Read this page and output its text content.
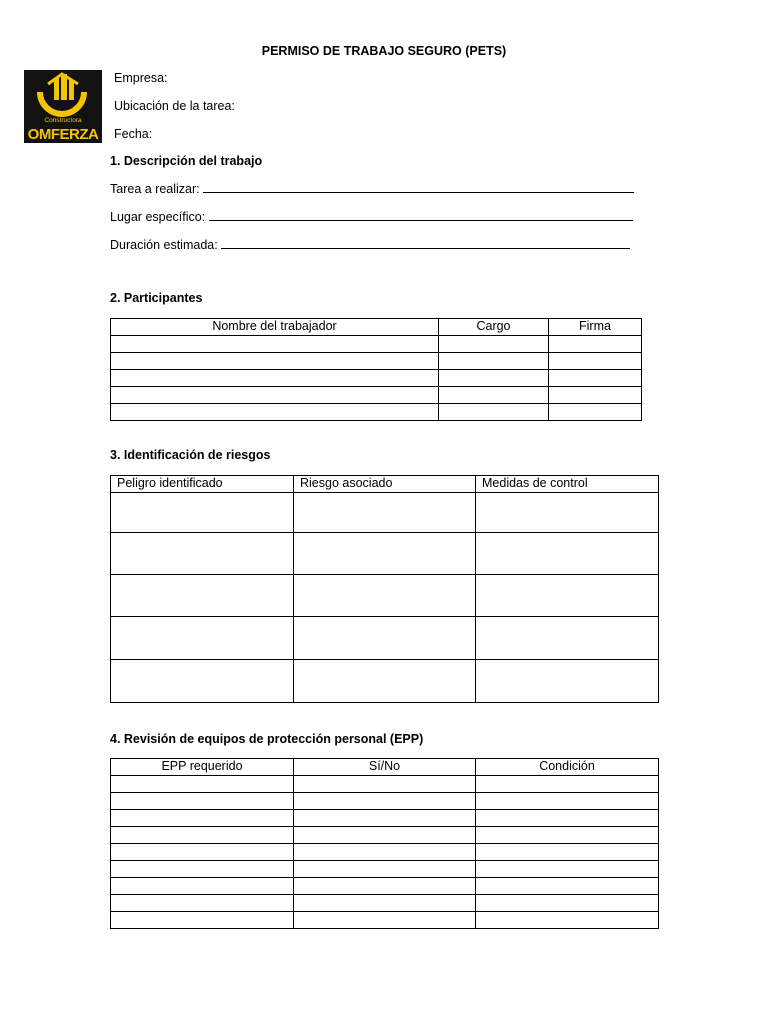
PERMISO DE TRABAJO SEGURO (PETS)
Constructora
OMFERZA
Empresa:
Ubicación de la tarea:
Fecha:
1. Descripción del trabajo
Tarea a realizar:
Lugar específico:
Duración estimada:
2. Participantes
Nombre del trabajador	Cargo	Firma

3. Identificación de riesgos
Peligro identificado	Riesgo asociado	Medidas de control

4. Revisión de equipos de protección personal (EPP)
EPP requerido	Sí/No	Condición
